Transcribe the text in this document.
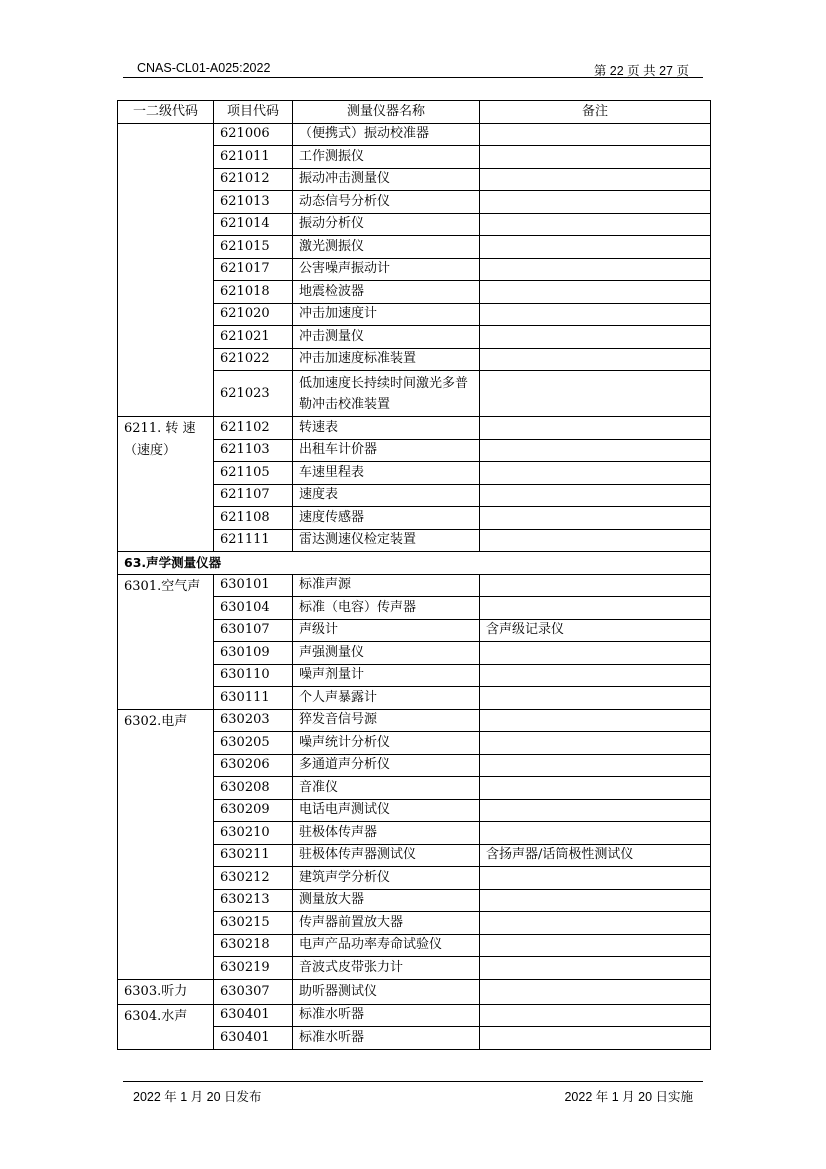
CNAS-CL01-A025:2022	第 22 页 共 27 页
一二级代码	项目代码	测量仪器名称	备注
	621006	（便携式）振动校准器	
	621011	工作测振仪	
	621012	振动冲击测量仪	
	621013	动态信号分析仪	
	621014	振动分析仪	
	621015	激光测振仪	
	621017	公害噪声振动计	
	621018	地震检波器	
	621020	冲击加速度计	
	621021	冲击测量仪	
	621022	冲击加速度标准装置	
	621023	低加速度长持续时间激光多普勒冲击校准装置	
6211. 转 速（速度）	621102	转速表	
	621103	出租车计价器	
	621105	车速里程表	
	621107	速度表	
	621108	速度传感器	
	621111	雷达测速仪检定装置	
63.声学测量仪器			
6301.空气声	630101	标准声源	
	630104	标准（电容）传声器	
	630107	声级计	含声级记录仪
	630109	声强测量仪	
	630110	噪声剂量计	
	630111	个人声暴露计	
6302.电声	630203	猝发音信号源	
	630205	噪声统计分析仪	
	630206	多通道声分析仪	
	630208	音准仪	
	630209	电话电声测试仪	
	630210	驻极体传声器	
	630211	驻极体传声器测试仪	含扬声器/话筒极性测试仪
	630212	建筑声学分析仪	
	630213	测量放大器	
	630215	传声器前置放大器	
	630218	电声产品功率寿命试验仪	
	630219	音波式皮带张力计	
6303.听力	630307	助听器测试仪	
6304.水声	630401	标准水听器	
	630401	标准水听器	
2022 年 1 月 20 日发布	2022 年 1 月 20 日实施
